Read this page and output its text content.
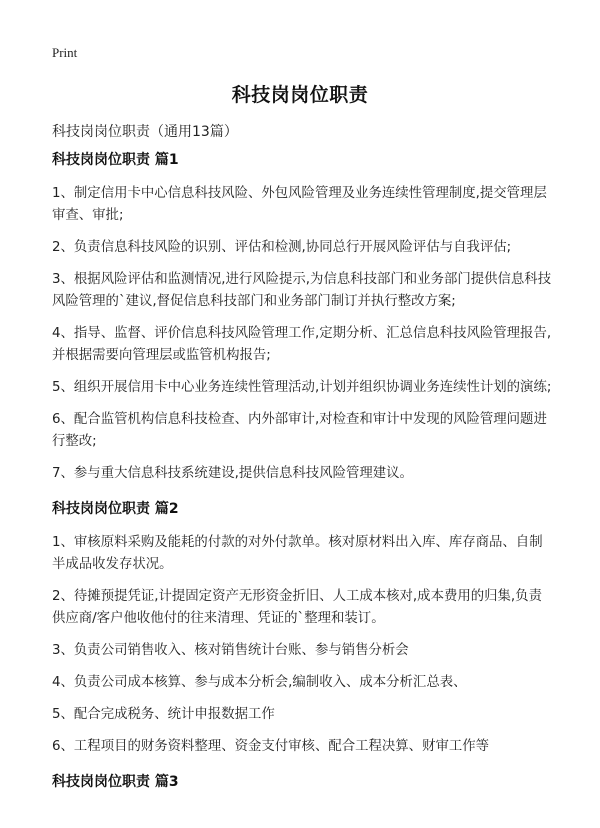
Print
科技岗岗位职责
科技岗岗位职责（通用13篇）
科技岗岗位职责 篇1
1、制定信用卡中心信息科技风险、外包风险管理及业务连续性管理制度,提交管理层审查、审批;
2、负责信息科技风险的识别、评估和检测,协同总行开展风险评估与自我评估;
3、根据风险评估和监测情况,进行风险提示,为信息科技部门和业务部门提供信息科技风险管理的`建议,督促信息科技部门和业务部门制订并执行整改方案;
4、指导、监督、评价信息科技风险管理工作,定期分析、汇总信息科技风险管理报告,并根据需要向管理层或监管机构报告;
5、组织开展信用卡中心业务连续性管理活动,计划并组织协调业务连续性计划的演练;
6、配合监管机构信息科技检查、内外部审计,对检查和审计中发现的风险管理问题进行整改;
7、参与重大信息科技系统建设,提供信息科技风险管理建议。
科技岗岗位职责 篇2
1、审核原料采购及能耗的付款的对外付款单。核对原材料出入库、库存商品、自制半成品收发存状况。
2、待摊预提凭证,计提固定资产无形资金折旧、人工成本核对,成本费用的归集,负责供应商/客户他收他付的往来清理、凭证的`整理和装订。
3、负责公司销售收入、核对销售统计台账、参与销售分析会
4、负责公司成本核算、参与成本分析会,编制收入、成本分析汇总表、
5、配合完成税务、统计申报数据工作
6、工程项目的财务资料整理、资金支付审核、配合工程决算、财审工作等
科技岗岗位职责 篇3
